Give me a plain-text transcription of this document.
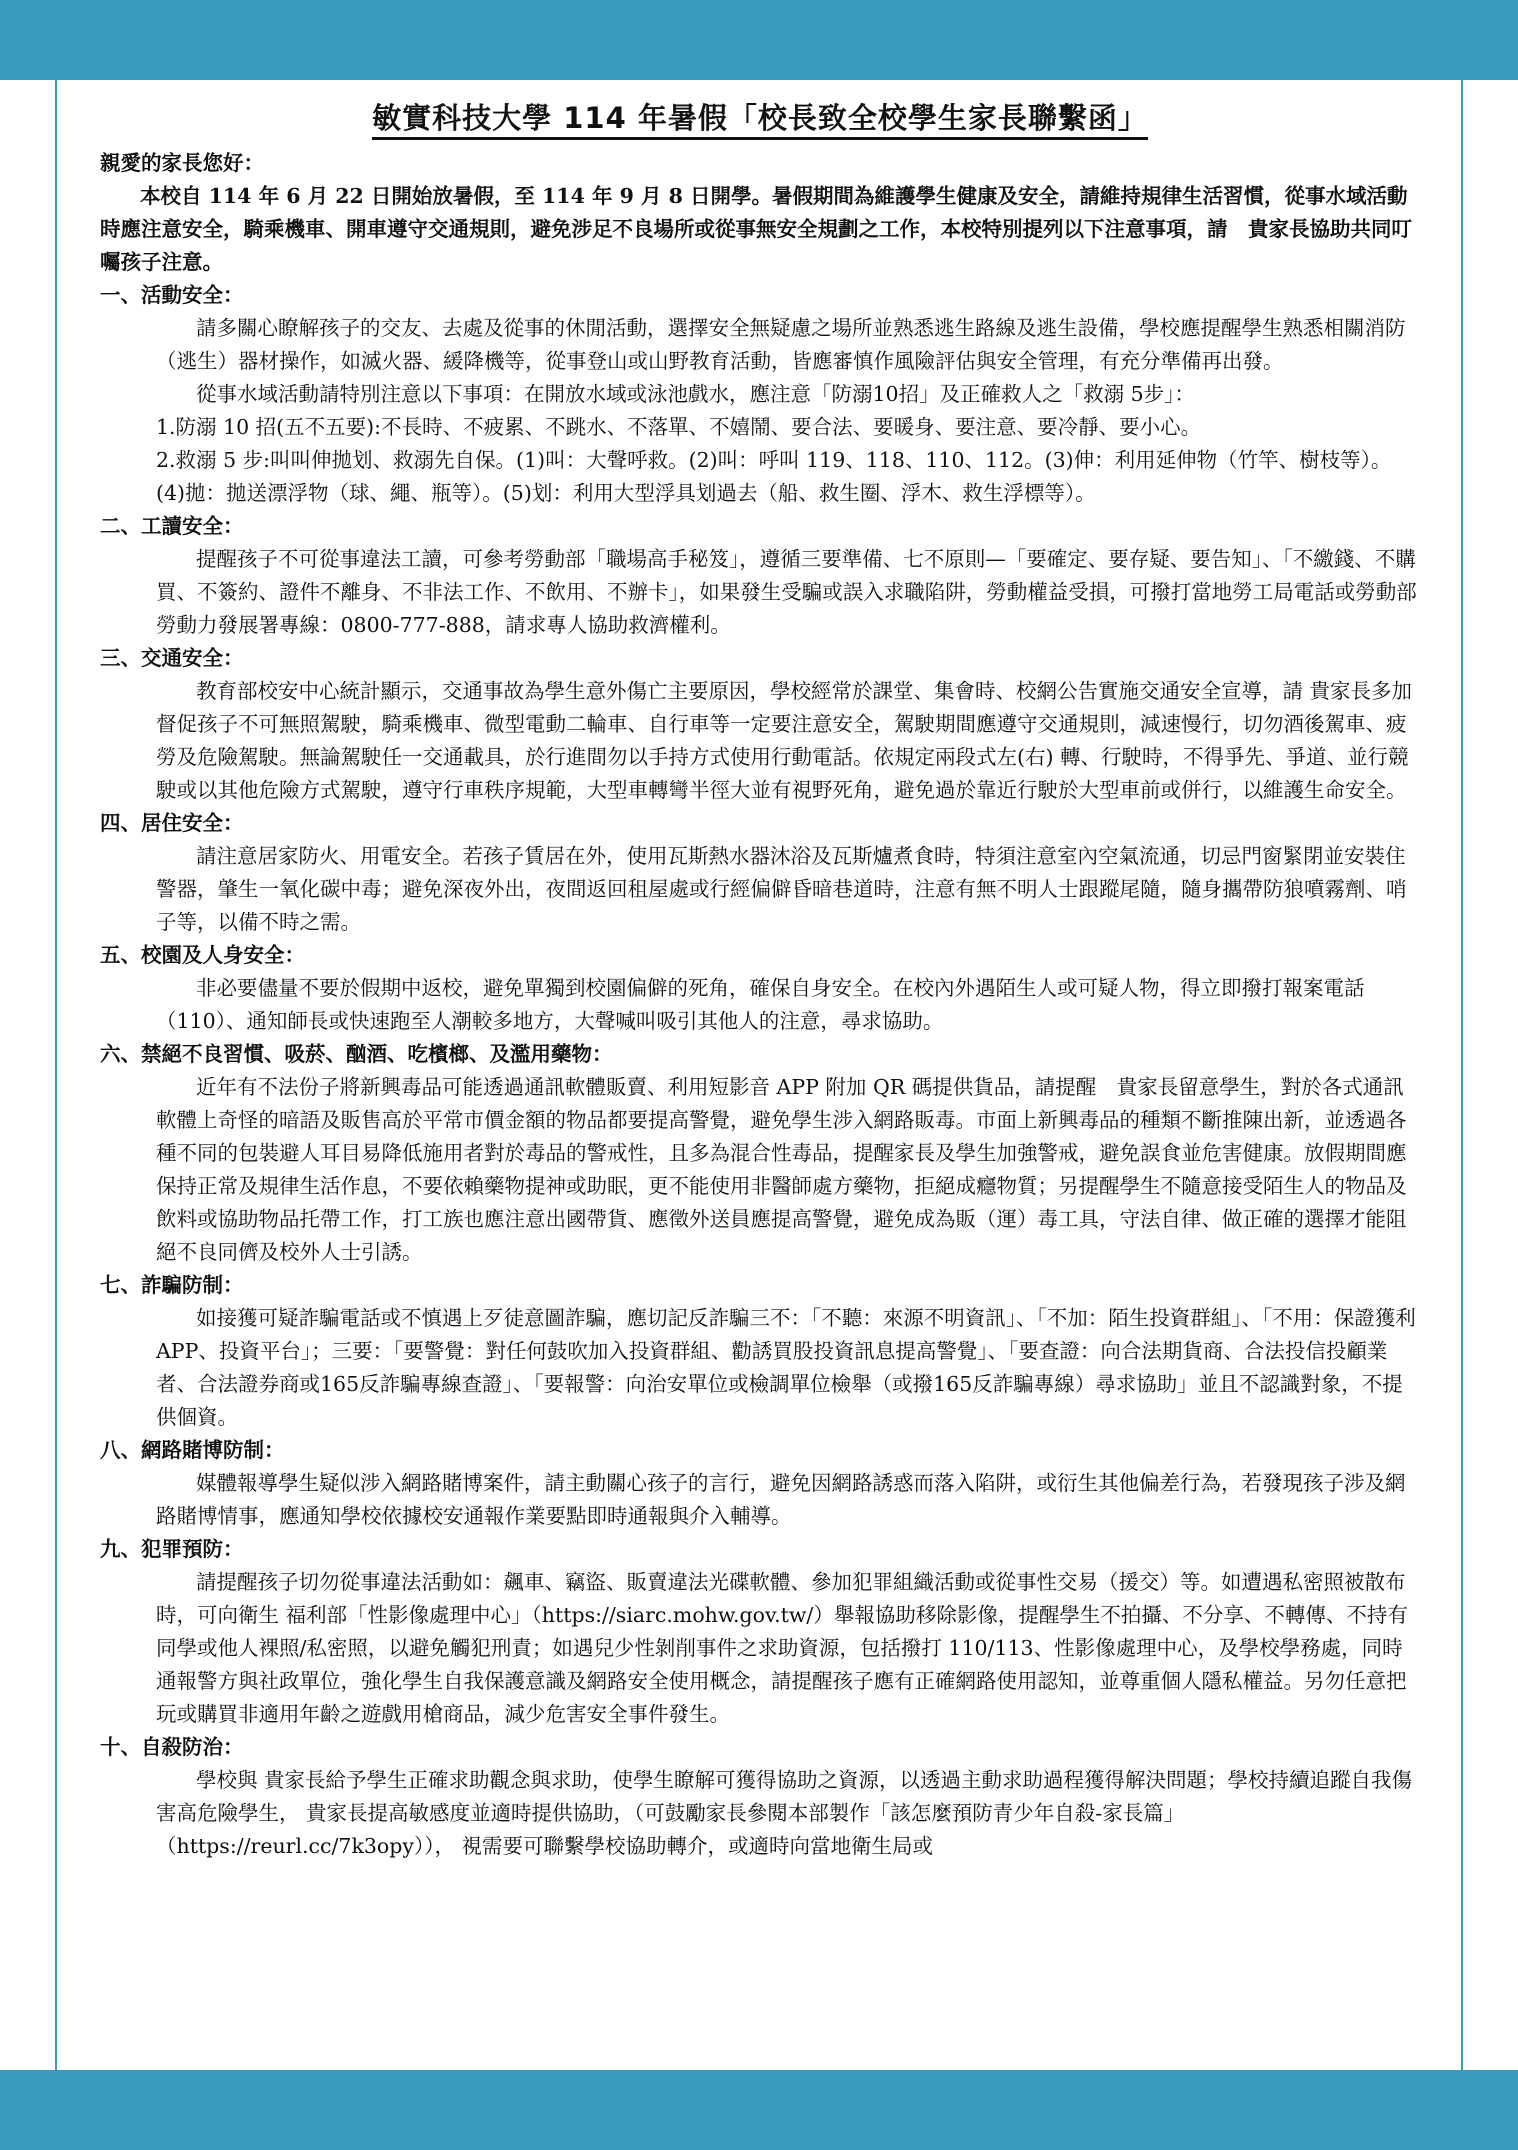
敏實科技大學 114 年暑假「校長致全校學生家長聯繫函」

親愛的家長您好：

本校自 114 年 6 月 22 日開始放暑假，至 114 年 9 月 8 日開學。暑假期間為維護學生健康及安全，請維持規律生活習慣，從事水域活動時應注意安全，騎乘機車、開車遵守交通規則，避免涉足不良場所或從事無安全規劃之工作，本校特別提列以下注意事項，請　貴家長協助共同叮囑孩子注意。

一、活動安全：

請多關心瞭解孩子的交友、去處及從事的休閒活動，選擇安全無疑慮之場所並熟悉逃生路線及逃生設備，學校應提醒學生熟悉相關消防（逃生）器材操作，如滅火器、緩降機等，從事登山或山野教育活動，皆應審慎作風險評估與安全管理，有充分準備再出發。

從事水域活動請特別注意以下事項：在開放水域或泳池戲水，應注意「防溺10招」及正確救人之「救溺 5步」：

1.防溺 10 招(五不五要):不長時、不疲累、不跳水、不落單、不嬉鬧、要合法、要暖身、要注意、要冷靜、要小心。

2.救溺 5 步:叫叫伸拋划、救溺先自保。(1)叫：大聲呼救。(2)叫：呼叫 119、118、110、112。(3)伸：利用延伸物（竹竿、樹枝等）。(4)拋：拋送漂浮物（球、繩、瓶等）。(5)划：利用大型浮具划過去（船、救生圈、浮木、救生浮標等）。

二、工讀安全：

提醒孩子不可從事違法工讀，可參考勞動部「職場高手秘笈」，遵循三要準備、七不原則—「要確定、要存疑、要告知」、「不繳錢、不購買、不簽約、證件不離身、不非法工作、不飲用、不辦卡」，如果發生受騙或誤入求職陷阱，勞動權益受損，可撥打當地勞工局電話或勞動部勞動力發展署專線：0800-777-888，請求專人協助救濟權利。

三、交通安全：

教育部校安中心統計顯示，交通事故為學生意外傷亡主要原因，學校經常於課堂、集會時、校網公告實施交通安全宣導，請 貴家長多加督促孩子不可無照駕駛，騎乘機車、微型電動二輪車、自行車等一定要注意安全，駕駛期間應遵守交通規則，減速慢行，切勿酒後駕車、疲勞及危險駕駛。無論駕駛任一交通載具，於行進間勿以手持方式使用行動電話。依規定兩段式左(右) 轉、行駛時，不得爭先、爭道、並行競駛或以其他危險方式駕駛，遵守行車秩序規範，大型車轉彎半徑大並有視野死角，避免過於靠近行駛於大型車前或併行，以維護生命安全。

四、居住安全：

請注意居家防火、用電安全。若孩子賃居在外，使用瓦斯熱水器沐浴及瓦斯爐煮食時，特須注意室內空氣流通，切忌門窗緊閉並安裝住警器，肇生一氧化碳中毒；避免深夜外出，夜間返回租屋處或行經偏僻昏暗巷道時，注意有無不明人士跟蹤尾隨，隨身攜帶防狼噴霧劑、哨子等，以備不時之需。

五、校園及人身安全：

非必要儘量不要於假期中返校，避免單獨到校園偏僻的死角，確保自身安全。在校內外遇陌生人或可疑人物，得立即撥打報案電話（110）、通知師長或快速跑至人潮較多地方，大聲喊叫吸引其他人的注意，尋求協助。

六、禁絕不良習慣、吸菸、酗酒、吃檳榔、及濫用藥物：

近年有不法份子將新興毒品可能透過通訊軟體販賣、利用短影音 APP 附加 QR 碼提供貨品，請提醒　貴家長留意學生，對於各式通訊軟體上奇怪的暗語及販售高於平常市價金額的物品都要提高警覺，避免學生涉入網路販毒。市面上新興毒品的種類不斷推陳出新，並透過各種不同的包裝避人耳目易降低施用者對於毒品的警戒性，且多為混合性毒品，提醒家長及學生加強警戒，避免誤食並危害健康。放假期間應保持正常及規律生活作息，不要依賴藥物提神或助眠，更不能使用非醫師處方藥物，拒絕成癮物質；另提醒學生不隨意接受陌生人的物品及飲料或協助物品托帶工作，打工族也應注意出國帶貨、應徵外送員應提高警覺，避免成為販（運）毒工具，守法自律、做正確的選擇才能阻絕不良同儕及校外人士引誘。

七、詐騙防制：

如接獲可疑詐騙電話或不慎遇上歹徒意圖詐騙，應切記反詐騙三不：「不聽：來源不明資訊」、「不加：陌生投資群組」、「不用：保證獲利 APP、投資平台」；三要：「要警覺：對任何鼓吹加入投資群組、勸誘買股投資訊息提高警覺」、「要查證：向合法期貨商、合法投信投顧業者、合法證券商或165反詐騙專線查證」、「要報警：向治安單位或檢調單位檢舉（或撥165反詐騙專線）尋求協助」並且不認識對象，不提供個資。

八、網路賭博防制：

媒體報導學生疑似涉入網路賭博案件，請主動關心孩子的言行，避免因網路誘惑而落入陷阱，或衍生其他偏差行為，若發現孩子涉及網路賭博情事，應通知學校依據校安通報作業要點即時通報與介入輔導。

九、犯罪預防：

請提醒孩子切勿從事違法活動如：飆車、竊盜、販賣違法光碟軟體、參加犯罪組織活動或從事性交易（援交）等。如遭遇私密照被散布時，可向衛生 福利部「性影像處理中心」（https://siarc.mohw.gov.tw/）舉報協助移除影像，提醒學生不拍攝、不分享、不轉傳、不持有同學或他人裸照/私密照，以避免觸犯刑責；如遇兒少性剝削事件之求助資源，包括撥打 110/113、性影像處理中心，及學校學務處，同時通報警方與社政單位，強化學生自我保護意識及網路安全使用概念，請提醒孩子應有正確網路使用認知，並尊重個人隱私權益。另勿任意把玩或購買非適用年齡之遊戲用槍商品，減少危害安全事件發生。

十、自殺防治：

學校與 貴家長給予學生正確求助觀念與求助，使學生瞭解可獲得協助之資源，以透過主動求助過程獲得解決問題；學校持續追蹤自我傷害高危險學生， 貴家長提高敏感度並適時提供協助，（可鼓勵家長參閱本部製作「該怎麼預防青少年自殺-家長篇」（https://reurl.cc/7k3opy））， 視需要可聯繫學校協助轉介，或適時向當地衛生局或
